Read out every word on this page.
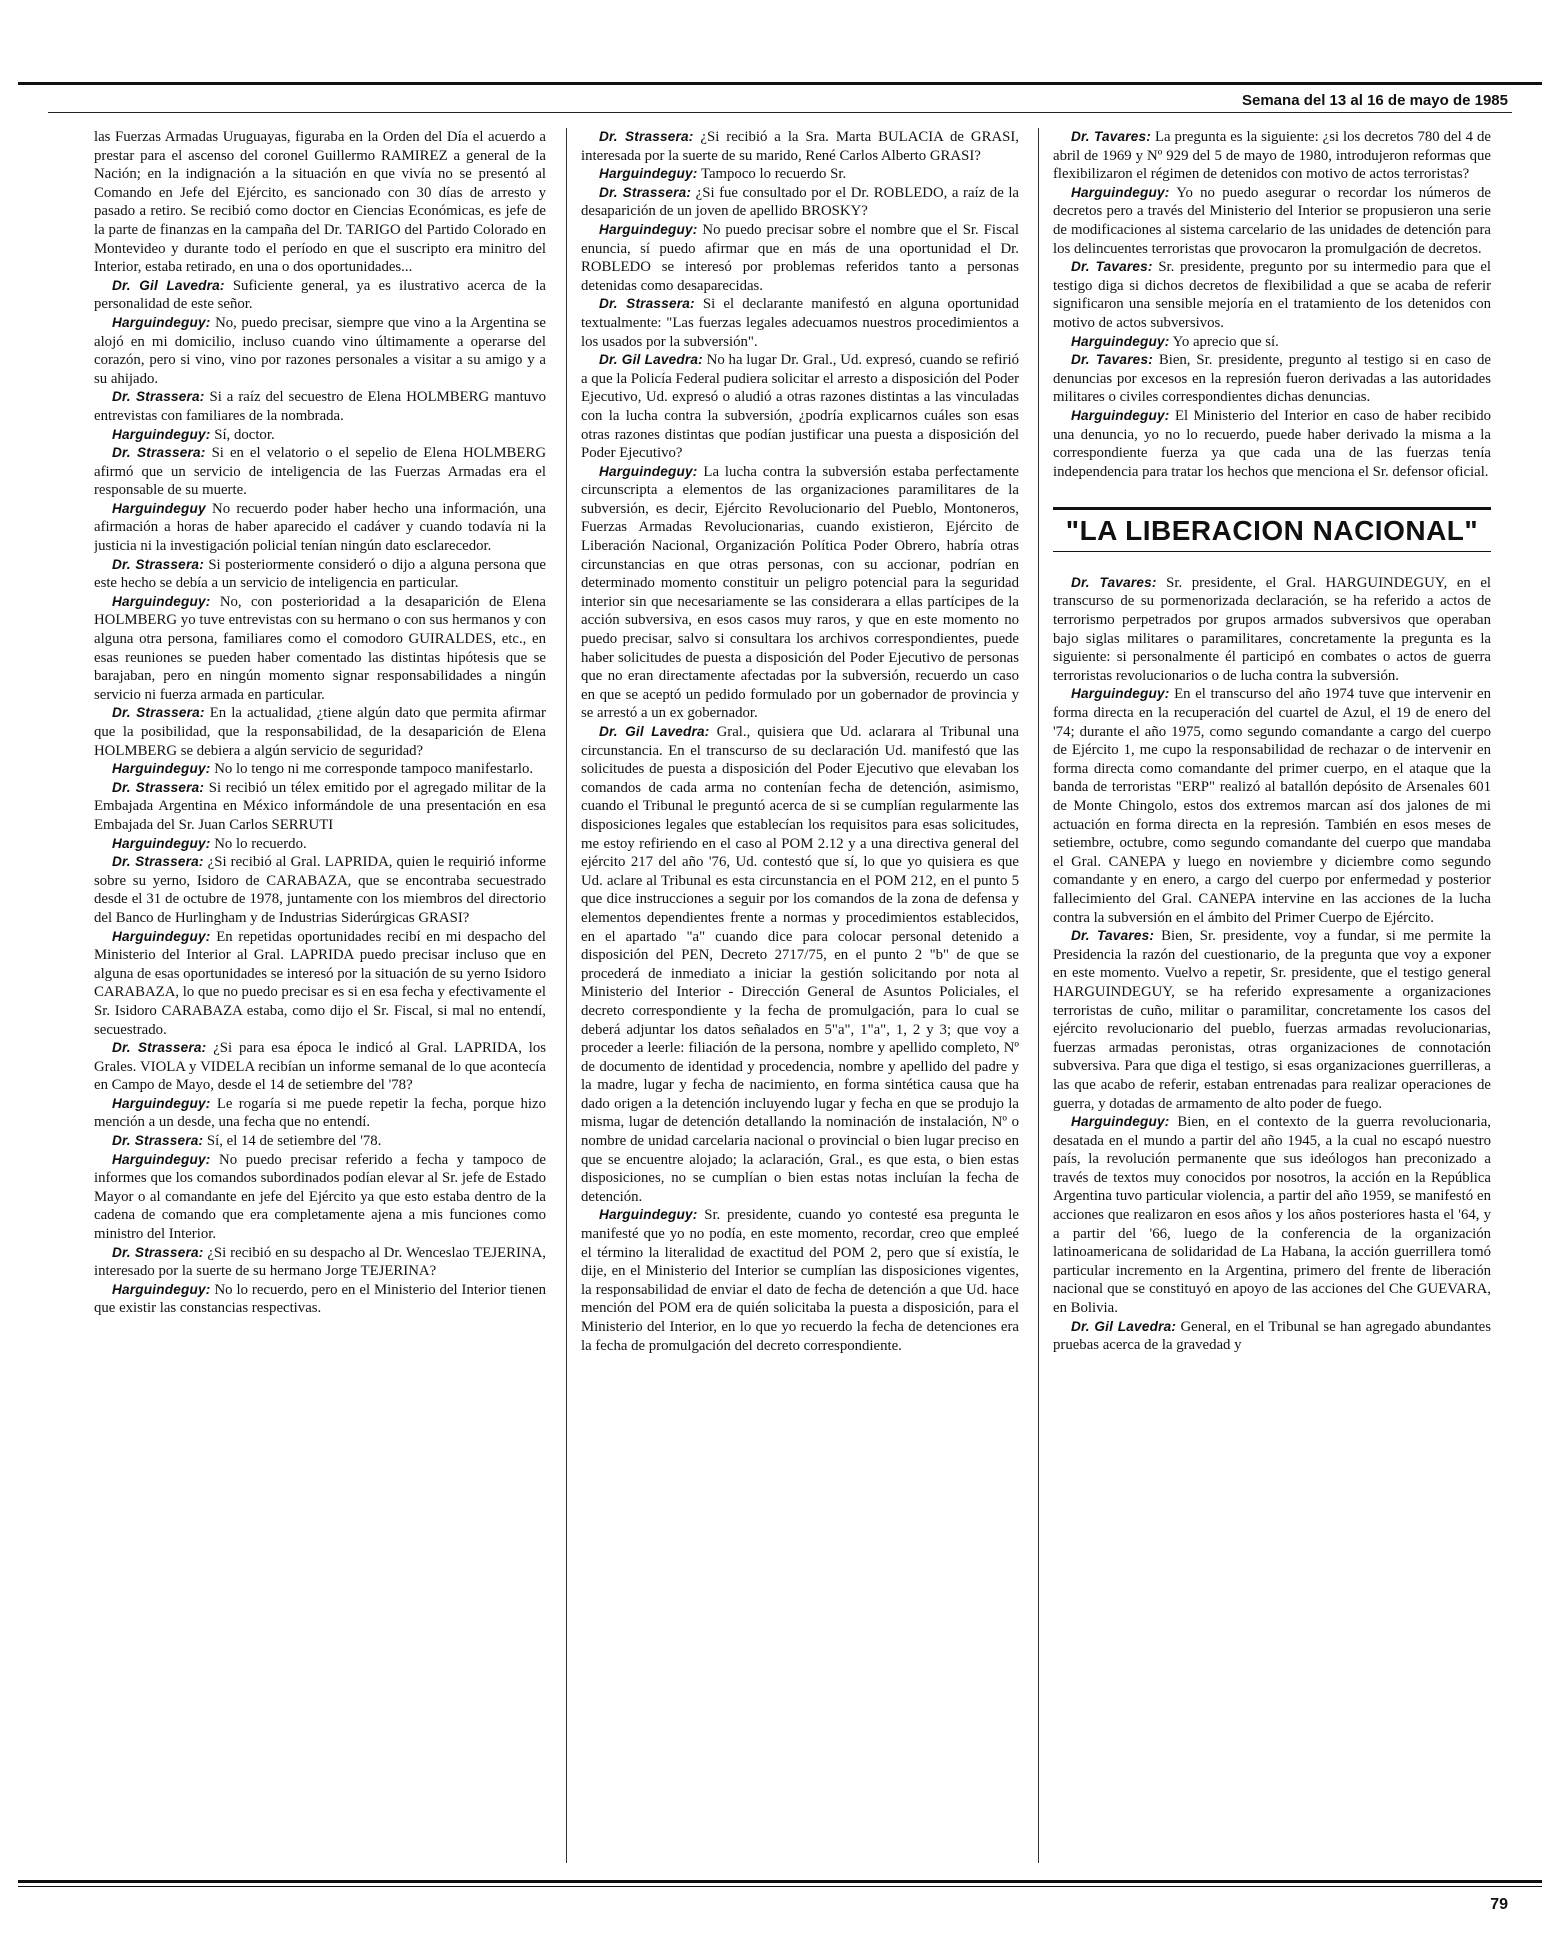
Semana del 13 al 16 de mayo de 1985

las Fuerzas Armadas Uruguayas, figuraba en la Orden del Día el acuerdo a prestar para el ascenso del coronel Guillermo RAMIREZ a general de la Nación; en la indignación a la situación en que vivía no se presentó al Comando en Jefe del Ejército, es sancionado con 30 días de arresto y pasado a retiro. Se recibió como doctor en Ciencias Económicas, es jefe de la parte de finanzas en la campaña del Dr. TARIGO del Partido Colorado en Montevideo y durante todo el período en que el suscripto era minitro del Interior, estaba retirado, en una o dos oportunidades...

Dr. Gil Lavedra: Suficiente general, ya es ilustrativo acerca de la personalidad de este señor.

Harguindeguy: No, puedo precisar, siempre que vino a la Argentina se alojó en mi domicilio, incluso cuando vino últimamente a operarse del corazón, pero si vino, vino por razones personales a visitar a su amigo y a su ahijado.

Dr. Strassera: Si a raíz del secuestro de Elena HOLMBERG mantuvo entrevistas con familiares de la nombrada.

Harguindeguy: Sí, doctor.

Dr. Strassera: Si en el velatorio o el sepelio de Elena HOLMBERG afirmó que un servicio de inteligencia de las Fuerzas Armadas era el responsable de su muerte.

Harguindeguy No recuerdo poder haber hecho una información, una afirmación a horas de haber aparecido el cadáver y cuando todavía ni la justicia ni la investigación policial tenían ningún dato esclarecedor.

Dr. Strassera: Si posteriormente consideró o dijo a alguna persona que este hecho se debía a un servicio de inteligencia en particular.

Harguindeguy: No, con posterioridad a la desaparición de Elena HOLMBERG yo tuve entrevistas con su hermano o con sus hermanos y con alguna otra persona, familiares como el comodoro GUIRALDES, etc., en esas reuniones se pueden haber comentado las distintas hipótesis que se barajaban, pero en ningún momento signar responsabilidades a ningún servicio ni fuerza armada en particular.

Dr. Strassera: En la actualidad, ¿tiene algún dato que permita afirmar que la posibilidad, que la responsabilidad, de la desaparición de Elena HOLMBERG se debiera a algún servicio de seguridad?

Harguindeguy: No lo tengo ni me corresponde tampoco manifestarlo.

Dr. Strassera: Si recibió un télex emitido por el agregado militar de la Embajada Argentina en México informándole de una presentación en esa Embajada del Sr. Juan Carlos SERRUTI

Harguindeguy: No lo recuerdo.

Dr. Strassera: ¿Si recibió al Gral. LAPRIDA, quien le requirió informe sobre su yerno, Isidoro de CARABAZA, que se encontraba secuestrado desde el 31 de octubre de 1978, juntamente con los miembros del directorio del Banco de Hurlingham y de Industrias Siderúrgicas GRASI?

Harguindeguy: En repetidas oportunidades recibí en mi despacho del Ministerio del Interior al Gral. LAPRIDA puedo precisar incluso que en alguna de esas oportunidades se interesó por la situación de su yerno Isidoro CARABAZA, lo que no puedo precisar es si en esa fecha y efectivamente el Sr. Isidoro CARABAZA estaba, como dijo el Sr. Fiscal, si mal no entendí, secuestrado.

Dr. Strassera: ¿Si para esa época le indicó al Gral. LAPRIDA, los Grales. VIOLA y VIDELA recibían un informe semanal de lo que acontecía en Campo de Mayo, desde el 14 de setiembre del '78?

Harguindeguy: Le rogaría si me puede repetir la fecha, porque hizo mención a un desde, una fecha que no entendí.

Dr. Strassera: Sí, el 14 de setiembre del '78.

Harguindeguy: No puedo precisar referido a fecha y tampoco de informes que los comandos subordinados podían elevar al Sr. jefe de Estado Mayor o al comandante en jefe del Ejército ya que esto estaba dentro de la cadena de comando que era completamente ajena a mis funciones como ministro del Interior.

Dr. Strassera: ¿Si recibió en su despacho al Dr. Wenceslao TEJERINA, interesado por la suerte de su hermano Jorge TEJERINA?

Harguindeguy: No lo recuerdo, pero en el Ministerio del Interior tienen que existir las constancias respectivas.

Dr. Strassera: ¿Si recibió a la Sra. Marta BULACIA de GRASI, interesada por la suerte de su marido, René Carlos Alberto GRASI?

Harguindeguy: Tampoco lo recuerdo Sr.

Dr. Strassera: ¿Si fue consultado por el Dr. ROBLEDO, a raíz de la desaparición de un joven de apellido BROSKY?

Harguindeguy: No puedo precisar sobre el nombre que el Sr. Fiscal enuncia, sí puedo afirmar que en más de una oportunidad el Dr. ROBLEDO se interesó por problemas referidos tanto a personas detenidas como desaparecidas.

Dr. Strassera: Si el declarante manifestó en alguna oportunidad textualmente: "Las fuerzas legales adecuamos nuestros procedimientos a los usados por la subversión".

Dr. Gil Lavedra: No ha lugar Dr. Gral., Ud. expresó, cuando se refirió a que la Policía Federal pudiera solicitar el arresto a disposición del Poder Ejecutivo, Ud. expresó o aludió a otras razones distintas a las vinculadas con la lucha contra la subversión, ¿podría explicarnos cuáles son esas otras razones distintas que podían justificar una puesta a disposición del Poder Ejecutivo?

Harguindeguy: La lucha contra la subversión estaba perfectamente circunscripta a elementos de las organizaciones paramilitares de la subversión, es decir, Ejército Revolucionario del Pueblo, Montoneros, Fuerzas Armadas Revolucionarias, cuando existieron, Ejército de Liberación Nacional, Organización Política Poder Obrero, habría otras circunstancias en que otras personas, con su accionar, podrían en determinado momento constituir un peligro potencial para la seguridad interior sin que necesariamente se las considerara a ellas partícipes de la acción subversiva, en esos casos muy raros, y que en este momento no puedo precisar, salvo si consultara los archivos correspondientes, puede haber solicitudes de puesta a disposición del Poder Ejecutivo de personas que no eran directamente afectadas por la subversión, recuerdo un caso en que se aceptó un pedido formulado por un gobernador de provincia y se arrestó a un ex gobernador.

Dr. Gil Lavedra: Gral., quisiera que Ud. aclarara al Tribunal una circunstancia. En el transcurso de su declaración Ud. manifestó que las solicitudes de puesta a disposición del Poder Ejecutivo que elevaban los comandos de cada arma no contenían fecha de detención, asimismo, cuando el Tribunal le preguntó acerca de si se cumplían regularmente las disposiciones legales que establecían los requisitos para esas solicitudes, me estoy refiriendo en el caso al POM 2.12 y a una directiva general del ejército 217 del año '76, Ud. contestó que sí, lo que yo quisiera es que Ud. aclare al Tribunal es esta circunstancia en el POM 212, en el punto 5 que dice instrucciones a seguir por los comandos de la zona de defensa y elementos dependientes frente a normas y procedimientos establecidos, en el apartado "a" cuando dice para colocar personal detenido a disposición del PEN, Decreto 2717/75, en el punto 2 "b" de que se procederá de inmediato a iniciar la gestión solicitando por nota al Ministerio del Interior - Dirección General de Asuntos Policiales, el decreto correspondiente y la fecha de promulgación, para lo cual se deberá adjuntar los datos señalados en 5"a", 1"a", 1, 2 y 3; que voy a proceder a leerle: filiación de la persona, nombre y apellido completo, Nº de documento de identidad y procedencia, nombre y apellido del padre y la madre, lugar y fecha de nacimiento, en forma sintética causa que ha dado origen a la detención incluyendo lugar y fecha en que se produjo la misma, lugar de detención detallando la nominación de instalación, Nº o nombre de unidad carcelaria nacional o provincial o bien lugar preciso en que se encuentre alojado; la aclaración, Gral., es que esta, o bien estas disposiciones, no se cumplían o bien estas notas incluían la fecha de detención.

Harguindeguy: Sr. presidente, cuando yo contesté esa pregunta le manifesté que yo no podía, en este momento, recordar, creo que empleé el término la literalidad de exactitud del POM 2, pero que sí existía, le dije, en el Ministerio del Interior se cumplían las disposiciones vigentes, la responsabilidad de enviar el dato de fecha de detención a que Ud. hace mención del POM era de quién solicitaba la puesta a disposición, para el Ministerio del Interior, en lo que yo recuerdo la fecha de detenciones era la fecha de promulgación del decreto correspondiente.

Dr. Tavares: La pregunta es la siguiente: ¿si los decretos 780 del 4 de abril de 1969 y Nº 929 del 5 de mayo de 1980, introdujeron reformas que flexibilizaron el régimen de detenidos con motivo de actos terroristas?

Harguindeguy: Yo no puedo asegurar o recordar los números de decretos pero a través del Ministerio del Interior se propusieron una serie de modificaciones al sistema carcelario de las unidades de detención para los delincuentes terroristas que provocaron la promulgación de decretos.

Dr. Tavares: Sr. presidente, pregunto por su intermedio para que el testigo diga si dichos decretos de flexibilidad a que se acaba de referir significaron una sensible mejoría en el tratamiento de los detenidos con motivo de actos subversivos.

Harguindeguy: Yo aprecio que sí.

Dr. Tavares: Bien, Sr. presidente, pregunto al testigo si en caso de denuncias por excesos en la represión fueron derivadas a las autoridades militares o civiles correspondientes dichas denuncias.

Harguindeguy: El Ministerio del Interior en caso de haber recibido una denuncia, yo no lo recuerdo, puede haber derivado la misma a la correspondiente fuerza ya que cada una de las fuerzas tenía independencia para tratar los hechos que menciona el Sr. defensor oficial.

"LA LIBERACION NACIONAL"

Dr. Tavares: Sr. presidente, el Gral. HARGUINDEGUY, en el transcurso de su pormenorizada declaración, se ha referido a actos de terrorismo perpetrados por grupos armados subversivos que operaban bajo siglas militares o paramilitares, concretamente la pregunta es la siguiente: si personalmente él participó en combates o actos de guerra terroristas revolucionarios o de lucha contra la subversión.

Harguindeguy: En el transcurso del año 1974 tuve que intervenir en forma directa en la recuperación del cuartel de Azul, el 19 de enero del '74; durante el año 1975, como segundo comandante a cargo del cuerpo de Ejército 1, me cupo la responsabilidad de rechazar o de intervenir en forma directa como comandante del primer cuerpo, en el ataque que la banda de terroristas "ERP" realizó al batallón depósito de Arsenales 601 de Monte Chingolo, estos dos extremos marcan así dos jalones de mi actuación en forma directa en la represión. También en esos meses de setiembre, octubre, como segundo comandante del cuerpo que mandaba el Gral. CANEPA y luego en noviembre y diciembre como segundo comandante y en enero, a cargo del cuerpo por enfermedad y posterior fallecimiento del Gral. CANEPA intervine en las acciones de la lucha contra la subversión en el ámbito del Primer Cuerpo de Ejército.

Dr. Tavares: Bien, Sr. presidente, voy a fundar, si me permite la Presidencia la razón del cuestionario, de la pregunta que voy a exponer en este momento. Vuelvo a repetir, Sr. presidente, que el testigo general HARGUINDEGUY, se ha referido expresamente a organizaciones terroristas de cuño, militar o paramilitar, concretamente los casos del ejército revolucionario del pueblo, fuerzas armadas revolucionarias, fuerzas armadas peronistas, otras organizaciones de connotación subversiva. Para que diga el testigo, si esas organizaciones guerrilleras, a las que acabo de referir, estaban entrenadas para realizar operaciones de guerra, y dotadas de armamento de alto poder de fuego.

Harguindeguy: Bien, en el contexto de la guerra revolucionaria, desatada en el mundo a partir del año 1945, a la cual no escapó nuestro país, la revolución permanente que sus ideólogos han preconizado a través de textos muy conocidos por nosotros, la acción en la República Argentina tuvo particular violencia, a partir del año 1959, se manifestó en acciones que realizaron en esos años y los años posteriores hasta el '64, y a partir del '66, luego de la conferencia de la organización latinoamericana de solidaridad de La Habana, la acción guerrillera tomó particular incremento en la Argentina, primero del frente de liberación nacional que se constituyó en apoyo de las acciones del Che GUEVARA, en Bolivia.

Dr. Gil Lavedra: General, en el Tribunal se han agregado abundantes pruebas acerca de la gravedad y

79
